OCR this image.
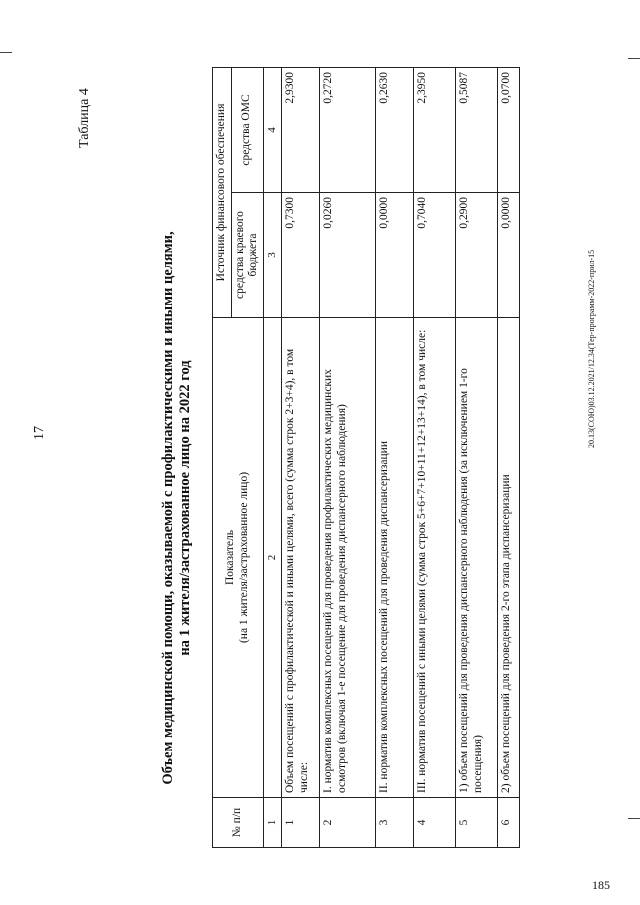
17
185
Таблица 4
Объем медицинской помощи, оказываемой с профилактическими и иными целями, на 1 жителя/застрахованное лицо на 2022 год
№ п/п	Показатель (на 1 жителя/застрахованное лицо)	Источник финансового обеспечения	
		средства краевого бюджета	средства ОМС
1	2	3	4
1	Объем посещений с профилактической и иными целями, всего (сумма строк 2+3+4), в том числе:	0,7300	2,9300
2	I. норматив комплексных посещений для проведения профилактических медицинских осмотров (включая 1-е посещение для проведения диспансерного наблюдения)	0,0260	0,2720
3	II. норматив комплексных посещений для проведения диспансеризации	0,0000	0,2630
4	III. норматив посещений с иными целями (сумма строк 5+6+7+10+11+12+13+14), в том числе:	0,7040	2,3950
5	1) объем посещений для проведения диспансерного наблюдения (за исключением 1-го посещения)	0,2900	0,5087
6	2) объем посещений для проведения 2-го этапа диспансеризации	0,0000	0,0700
20.13(СОЮ)03.12.2021/12.34(Тер-программ-2022-прил-15
